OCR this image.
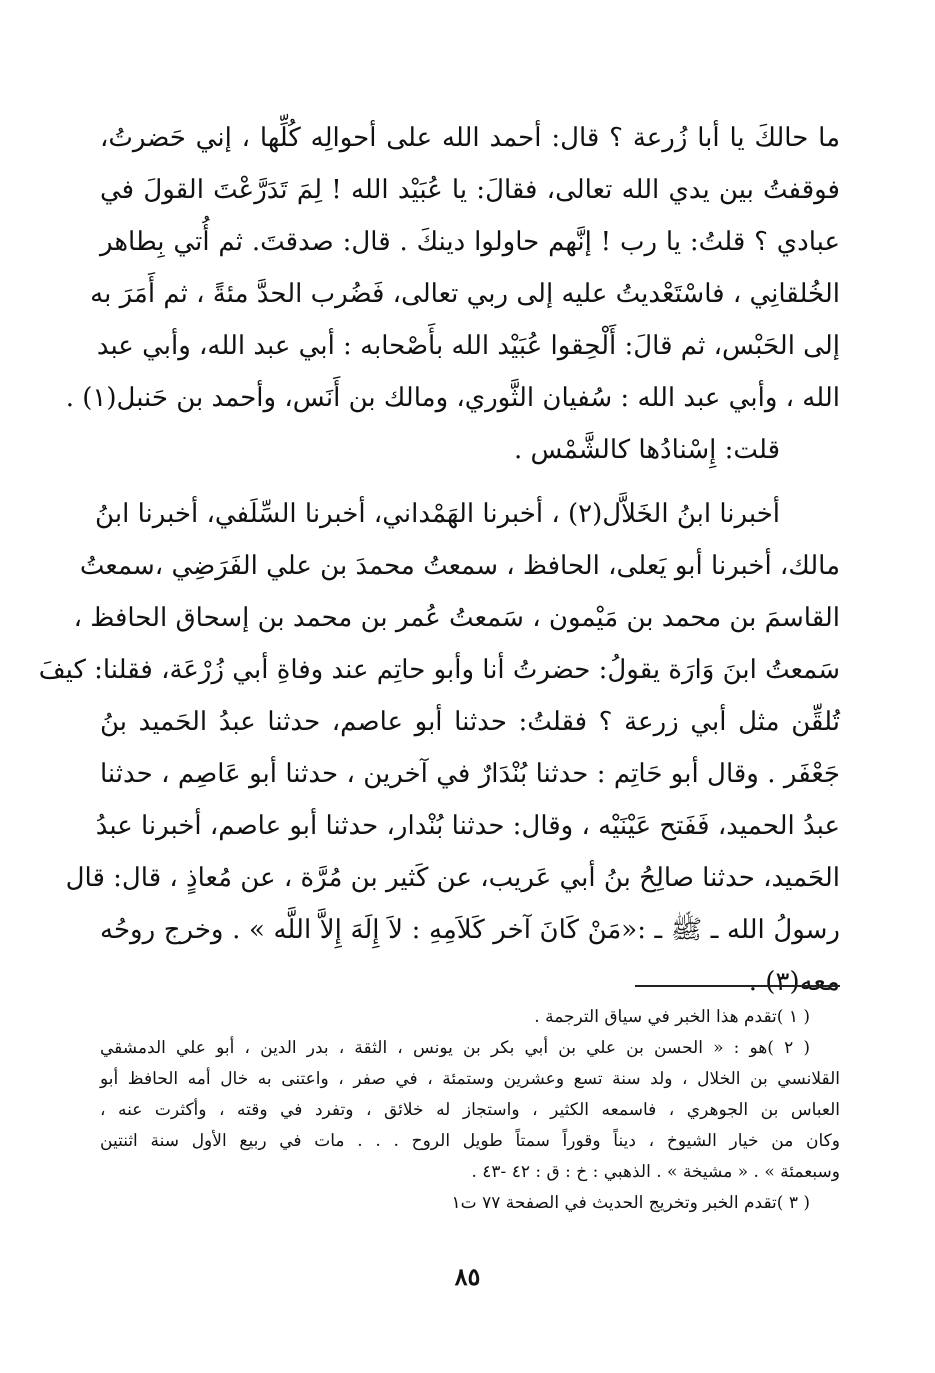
ما حالكَ يا أبا زُرعة ؟ قال: أحمد الله على أحوالِه كُلِّها ، إني حَضرتُ،
فوقفتُ بين يدي الله تعالى، فقالَ: يا عُبَيْد الله ! لِمَ تَدَرَّعْتَ القولَ في
عبادي ؟ قلتُ: يا رب ! إنَّهم حاولوا دينكَ . قال: صدقتَ. ثم أُتي بِطاهر
الخُلقانِي ، فاسْتَعْديتُ عليه إلى ربي تعالى، فَضُرب الحدَّ مئةً ، ثم أَمَرَ به
إلى الحَبْس، ثم قالَ: أَلْحِقوا عُبَيْد الله بأَصْحابه : أبي عبد الله، وأبي عبد
الله ، وأبي عبد الله : سُفيان الثَّوري، ومالك بن أَنَس، وأحمد بن حَنبل(١) .
قلت: إِسْنادُها كالشَّمْس .
أخبرنا ابنُ الخَلاَّل(٢) ، أخبرنا الهَمْداني، أخبرنا السِّلَفي، أخبرنا ابنُ
مالك، أخبرنا أبو يَعلى، الحافظ ، سمعتُ محمدَ بن علي الفَرَضِي ،سمعتُ
القاسمَ بن محمد بن مَيْمون ، سَمعتُ عُمر بن محمد بن إسحاق الحافظ ،
سَمعتُ ابنَ وَارَة يقولُ: حضرتُ أنا وأبو حاتِم عند وفاةِ أبي زُرْعَة، فقلنا: كيفَ
تُلقِّن مثل أبي زرعة ؟ فقلتُ: حدثنا أبو عاصم، حدثنا عبدُ الحَميد بنُ
جَعْفَر . وقال أبو حَاتِم : حدثنا بُنْدَارٌ في آخرين ، حدثنا أبو عَاصِم ، حدثنا
عبدُ الحميد، فَفَتح عَيْنَيْه ، وقال: حدثنا بُنْدار، حدثنا أبو عاصم، أخبرنا عبدُ
الحَميد، حدثنا صالِحُ بنُ أبي عَريب، عن كَثير بن مُرَّة ، عن مُعاذٍ ، قال: قال
رسولُ الله ـ ﷺ ـ :«مَنْ كَانَ آخر كَلاَمِهِ : لاَ إِلَهَ إِلاَّ اللَّه » . وخرج روحُه
معه(٣) .
( ١ )تقدم هذا الخبر في سياق الترجمة .
( ٢ )هو : « الحسن بن علي بن أبي بكر بن يونس ، الثقة ، بدر الدين ، أبو علي الدمشقي
القلانسي بن الخلال ، ولد سنة تسع وعشرين وستمئة ، في صفر ، واعتنى به خال أمه الحافظ أبو
العباس بن الجوهري ، فاسمعه الكثير ، واستجاز له خلائق ، وتفرد في وقته ، وأكثرت عنه ،
وكان من خيار الشيوخ ، ديناً وقوراً سمتاً طويل الروح . . . مات في ربيع الأول سنة اثنتين
وسبعمئة » . « مشيخة » . الذهبي : خ : ق : ٤٢ -٤٣ .
( ٣ )تقدم الخبر وتخريج الحديث في الصفحة ٧٧ ت١
٨٥
